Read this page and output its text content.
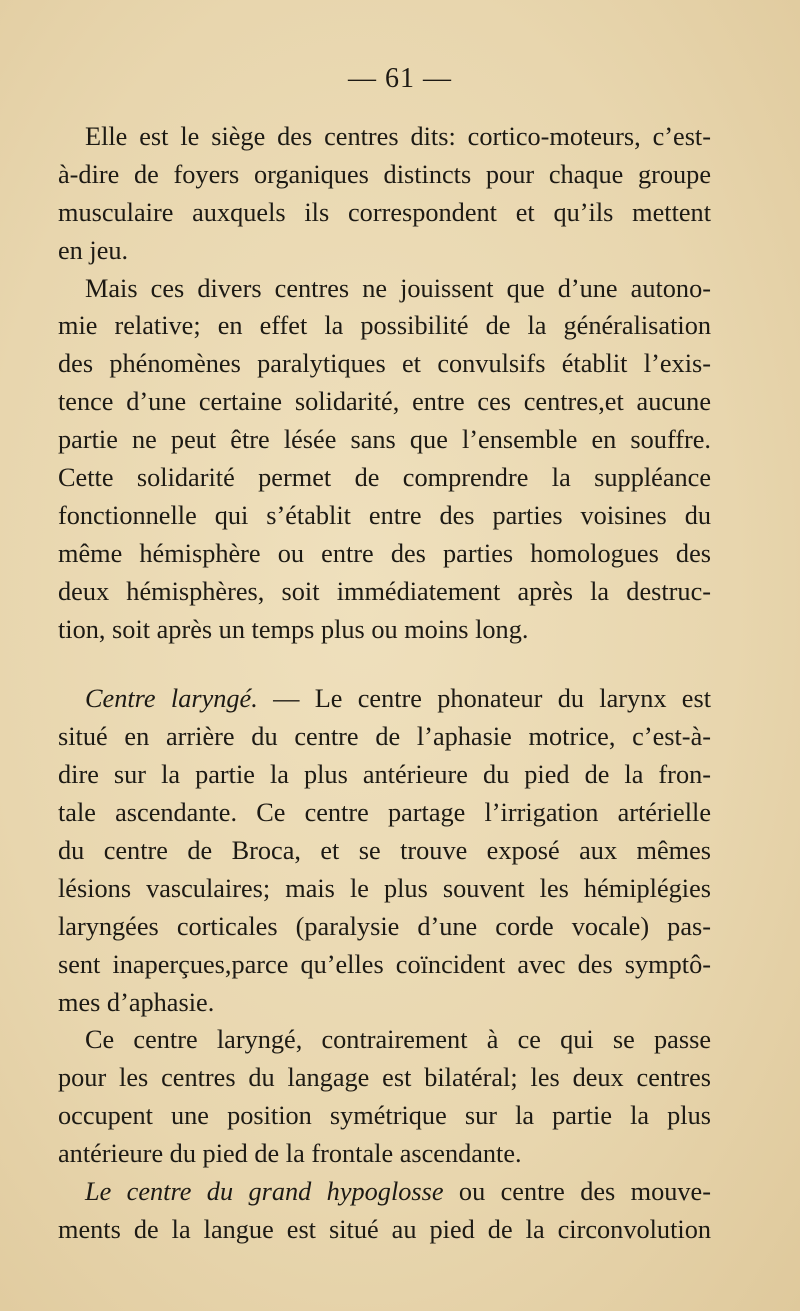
— 61 —
Elle est le siège des centres dits: cortico-moteurs, c’est-
à-dire de foyers organiques distincts pour chaque groupe
musculaire auxquels ils correspondent et qu’ils mettent
en jeu.
Mais ces divers centres ne jouissent que d’une autono-
mie relative; en effet la possibilité de la généralisation
des phénomènes paralytiques et convulsifs établit l’exis-
tence d’une certaine solidarité, entre ces centres,et aucune
partie ne peut être lésée sans que l’ensemble en souffre.
Cette solidarité permet de comprendre la suppléance
fonctionnelle qui s’établit entre des parties voisines du
même hémisphère ou entre des parties homologues des
deux hémisphères, soit immédiatement après la destruc-
tion, soit après un temps plus ou moins long.
Centre laryngé. — Le centre phonateur du larynx est
situé en arrière du centre de l’aphasie motrice, c’est-à-
dire sur la partie la plus antérieure du pied de la fron-
tale ascendante. Ce centre partage l’irrigation artérielle
du centre de Broca, et se trouve exposé aux mêmes
lésions vasculaires; mais le plus souvent les hémiplégies
laryngées corticales (paralysie d’une corde vocale) pas-
sent inaperçues,parce qu’elles coïncident avec des symptô-
mes d’aphasie.
Ce centre laryngé, contrairement à ce qui se passe
pour les centres du langage est bilatéral; les deux centres
occupent une position symétrique sur la partie la plus
antérieure du pied de la frontale ascendante.
Le centre du grand hypoglosse ou centre des mouve-
ments de la langue est situé au pied de la circonvolution
